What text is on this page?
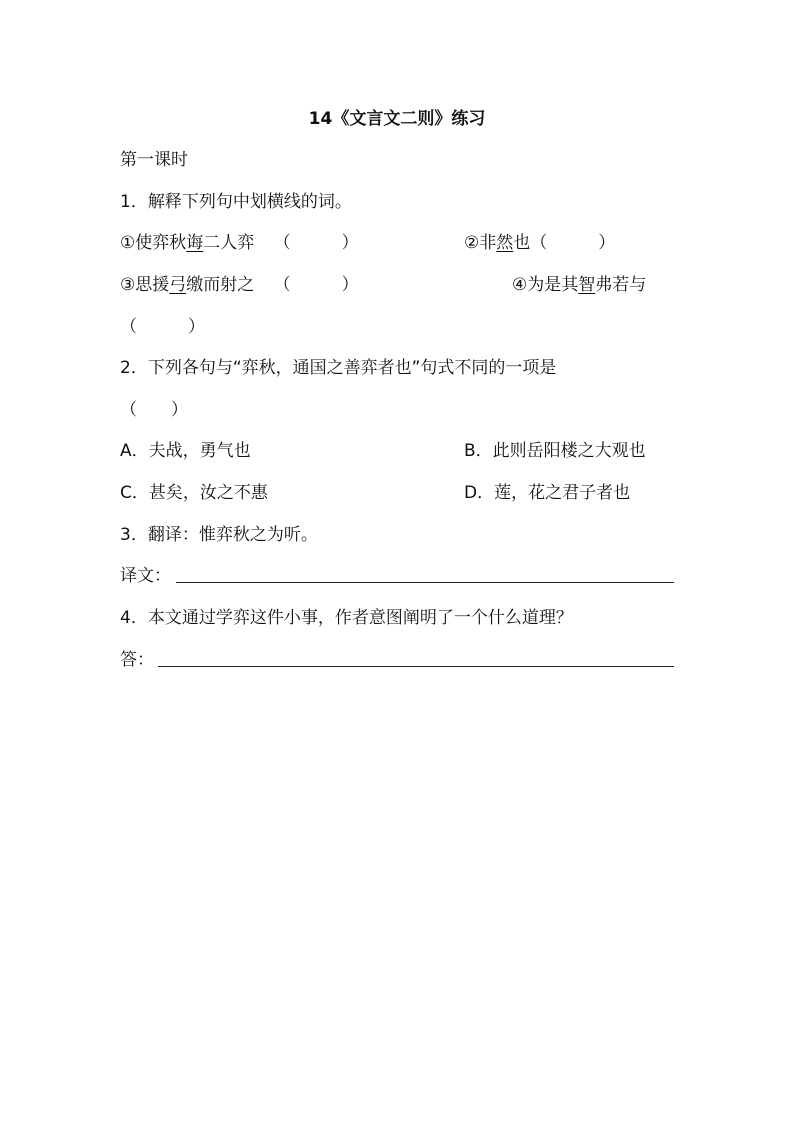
14《文言文二则》练习
第一课时
1．解释下列句中划横线的词。
①使弈秋诲二人弈 （　　　）	②非然也（　　　）
③思援弓缴而射之 （　　　）	④为是其智弗若与
（　　　）
2．下列各句与“弈秋，通国之善弈者也”句式不同的一项是
（　　）
A．夫战，勇气也	B．此则岳阳楼之大观也
C．甚矣，汝之不惠	D．莲，花之君子者也
3．翻译：惟弈秋之为听。
译文：
4．本文通过学弈这件小事，作者意图阐明了一个什么道理？
答：
